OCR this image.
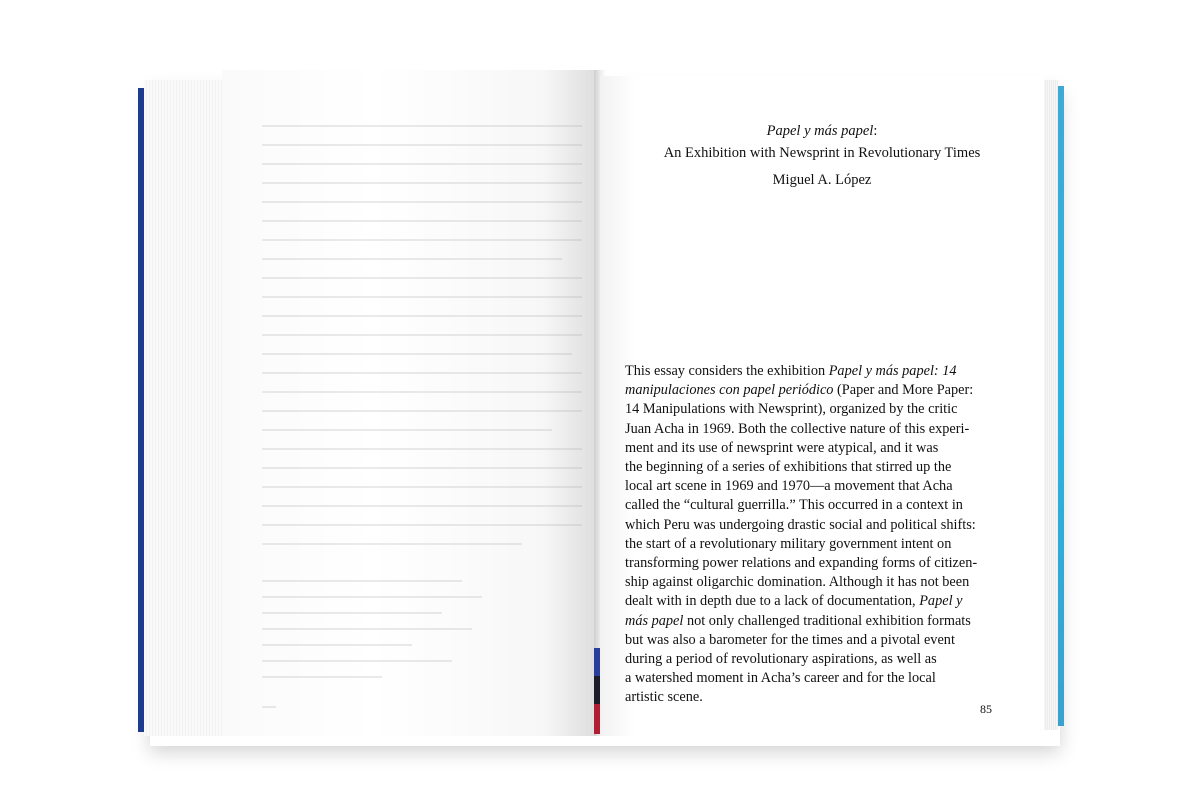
Papel y más papel:
An Exhibition with Newsprint in Revolutionary Times
Miguel A. López
This essay considers the exhibition Papel y más papel: 14
manipulaciones con papel periódico (Paper and More Paper:
14 Manipulations with Newsprint), organized by the critic
Juan Acha in 1969. Both the collective nature of this experi-
ment and its use of newsprint were atypical, and it was
the beginning of a series of exhibitions that stirred up the
local art scene in 1969 and 1970—a movement that Acha
called the “cultural guerrilla.” This occurred in a context in
which Peru was undergoing drastic social and political shifts:
the start of a revolutionary military government intent on
transforming power relations and expanding forms of citizen-
ship against oligarchic domination. Although it has not been
dealt with in depth due to a lack of documentation, Papel y
más papel not only challenged traditional exhibition formats
but was also a barometer for the times and a pivotal event
during a period of revolutionary aspirations, as well as
a watershed moment in Acha’s career and for the local
artistic scene.
85
